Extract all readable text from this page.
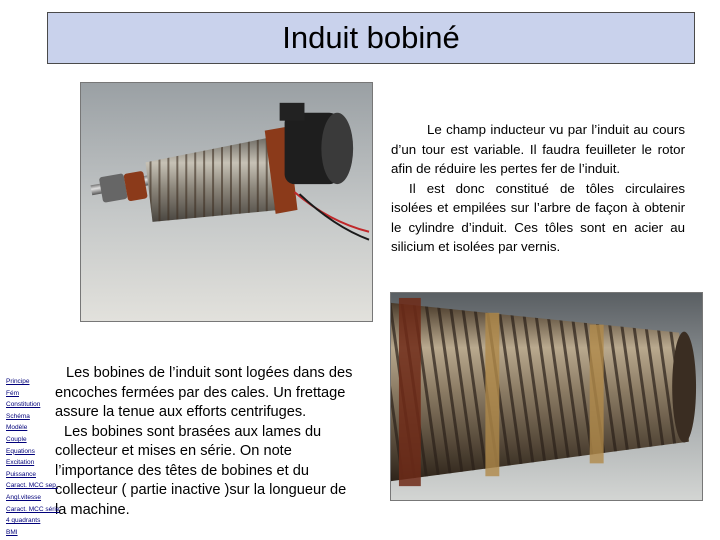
Induit bobiné

Le champ inducteur vu par l’induit au cours d’un tour est variable. Il faudra feuilleter le rotor afin de réduire les pertes fer de l’induit.

Il est donc constitué de tôles circulaires isolées et empilées sur l’arbre de façon à obtenir le cylindre d’induit. Ces tôles sont en acier au silicium et isolées par vernis.

Les bobines de l’induit sont logées dans des encoches fermées par des cales. Un frettage assure la tenue aux efforts centrifuges.

Les bobines sont brasées aux lames du collecteur et mises en série. On note l’importance des têtes de bobines et du collecteur ( partie inactive )sur la longueur de la machine.

Principe
Fém
Constitution
Schéma
Modèle
Couple
Equations
Excitation
Puissance
Caract. MCC sep.
Angl.vitesse
Caract. MCC série
4 quadrants
BMI
